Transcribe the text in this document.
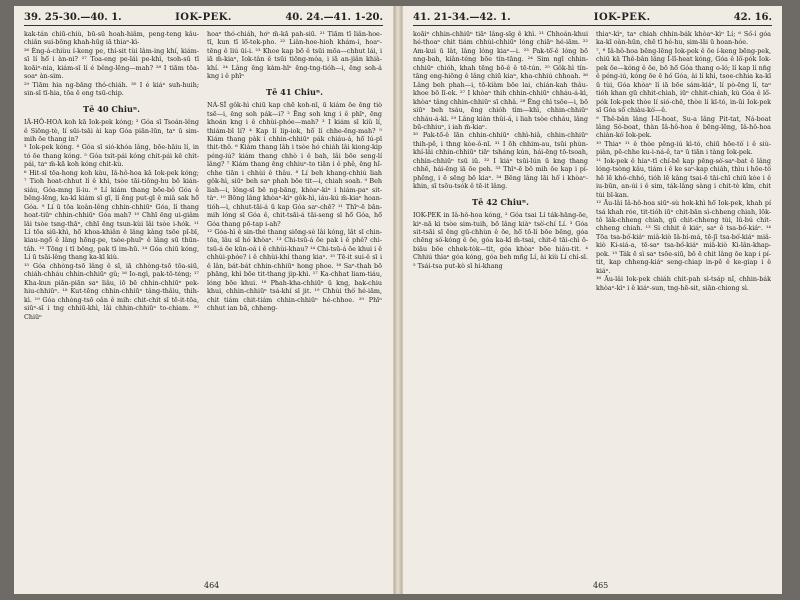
39. 25-30.—40. 1.	IOK-PEK.	40. 24.—41. 1-20.

kak-tán chiū-chiù, bū-sū hoah-hiâm, peng-teng kâu-chiân sui-bōng khah-hūg iā thiaⁿ-kì-

²⁶ Èng-á-chiùu í-keng pe, thí-sit tùi lâm-ing khí, kiám-sī lí hō͘ i àn-ni? ²⁷ Toa-eng pe-lái pe-khì, tsoh-sū tī koāiⁿ-nia, kiám-sī lí é bêng-lēng—mah? ²⁸ I tiām tōa-soaⁿ àn-sim.

²⁹ Tiām hia ng-bāng thó-chiáh. ³⁰ I é kiáⁿ suh-huih; sin-sī tī-hia, tōa ē eng tsū-chip.

Tē 40 Chiuⁿ.

IÂ-HÔ-HOA koh kā Iok-pek kóng; ² Góa sī Tsoán-lêng ê Siōng-tè, lí sūi-tsāi ài kap Góa piān-lūn, taⁿ ū sim-mih ōe thang in?

³ Iok-pek kóng. ⁴ Góa sī sió-khóa lâng, bōe-hāiu lí, in tó ōe thang kóng. ⁵ Góa tsit-pái kóng chit-pái kē chit-pái, taⁿ m̄-kā koh kóng chit-kù.

⁶ Hit-sī tōa-hong koh kàu, Iâ-hô-hoa kā Iok-pek kóng; ⁷ Tioh hoat-chhut lí ê khì, tsòe tāi-tiōng-hu bō kián-siáu, Góa-mng lí-iu. ⁸ Lí kiám thang bōe-bô Góa ê bēng-lēng, ka-kī kiám sī gī, lí ēng put-gī ê miâ sak hō͘ Góa. ⁹ Lí ū tōa koân-lêng chhin-chhiūⁿ Góa, lí thang hoat-tiūⁿ chhin-chhiūⁿ Góa mah? ¹⁰ Chhī ēng ui-giâm lâi tsòe tsng-thāⁿ, chhī ēng tsun-kùi lâi tsòe i-hók. ¹¹ Lí tōa siū-khì, hō͘ khoa-khiân ê lâng kàng tsōe pî-bī, kiau-ngō͘ ê lâng hōng-pe, tsòe-phuīⁿ ê lâng sū thūn-tâh. ¹³ Tōng i tī bōng, pak tī im-hū. ¹⁴ Góa chiū kóng, Lí ū tsāi-lêng thang ka-kī kiù.

¹⁵ Góa chhòng-tsō lâng ê sī, iā chhòng-tsō tōa-siū, chiáh-chháu chhin-chhiūⁿ gû; ¹⁶ Io-ngì, pak-tō-téng; ¹⁷ Kha-kun piān-piān saⁿ liâu, iō bē chhin-chhiūⁿ pek-hiu-chhiūⁿ. ¹⁸ Kut-tēng chhin-chhiūⁿ tâng-thâiu, thih-kì. ¹⁹ Góa chhòng-tsō oân ê mih: chit-chit sī tē-it-tōa, siūⁿ-sī i tng chhiū-khì, lâi chhin-chhiūⁿ to-chiam. ²⁰ Chiūⁿ

hoaⁿ thó-chiáh, ho͘ᵉ m̄-kā pah-siū. ²¹ Tiām tī liân-hoe-tī, kun tī lō͘-tek-pho. ²² Liân-hoe-hioh khám-i, hoaⁿ-tēng ê liú ūi-i. ²³ Khoe kap bō ê tsūi mōa—chhut lái, i iā m̄-kiaⁿ, Iok-tân ê tsūi tiōng-móa, i iā an-jiân khià-khí. ²⁴ Lâng ēng kàm-hīⁿ ēng-tng-tióh—i, ēng soh-á kng i ê phīⁿ

Tē 41 Chiuⁿ.

NÁ-SÎ gôk-hì chiū kap chē koh-nī, ū kiám ōe ēng tiò tsē—i, ēng soh pák—i? ² Ēng soh kng i ê phīⁿ, ēng khoán kng i ê chhùi-phóe—mah? ³ I kiám sī kiû lí, thiám-bī lí? ⁴ Kap lí lip-iok, hō͘ lí chhe-ēng-mah? ⁵ Kiám thang pàk i chhin-chhiūⁿ pák chiáu-á, hō͘ lú-pī thit-thô. ⁶ Kiám thang lâh i tsòe hó chiáh lâi kiong-kip péng-iú? kiám thang chhò i ê bah, lâi bōe seng-lí lâng? ⁷ Kiám thang ēng chhiuⁿ-to tiān i ê phê, ēng hî-chhe tiān i chhùi ê thâu. ⁸ Lí beh khang-chhiú liah gôk-hì, siūⁿ beh saⁿ phah bōe tit—i, chiah soah. ⁹ Beh liah—i, lông-sī bē ng-bāng, khòaⁿ-kìⁿ i hiám-paⁿ sit-tàⁿ. ¹⁰ Bōng lâng khòaⁿ-kìⁿ gôk-hì, iáu-kú m̄-kiaⁿ hoan-tióh—i, chhut-tāi-á ū kap Góa saⁿ-chē? ¹¹ Thīⁿ-ē bān-mih lóng sī Góa ê, chit-tsāi-á tāi-seng sī hō͘ Góa, hō͘ Góa thang pō-tap i-ah?

¹² Góa-hì ê sin-thé thang siōng-sè lâi kóng, lât sī chin-tōa, lâu sī hó khòaⁿ. ¹³ Chi-tsū-á ōe pak i ê phê? chi-tsū-á ōe kūn-oá i ê chhùi-khau? ¹⁴ Chi-tsū-á ōe khui i ê chhùi-phóe? i ê chhùi-khí thang kiaⁿ. ¹⁵ Tē-it sui-ê sī i ê lân, bát-bát chhin-chhiūⁿ hong phoe. ¹⁶ Saⁿ-thah bō phāng, khì bōe tit-thang jip-khì. ¹⁷ Ka-chhat liam-tiáu, lóng bōe khui. ¹⁸ Phah-kha-chhiūⁿ ū kng, bak-chiu khui, chhin-chhiūⁿ tsá-khí sī jit. ¹⁹ Chhùi thò͘ hé-iām, chit tiám chit-tiám chhin-chhiūⁿ hé-chhoe. ²⁰ Phīⁿ chhut ian bā, chheng-

464
41. 21-34.—42. 1.	IOK-PEK.	42. 16.

koāiⁿ chhin-chhiūⁿ tiāⁿ lâng-sīg ê khì. ²¹ Chhoán-khui hé-thoaⁿ chit tiám chhùi-chhiūⁿ lóng chiāⁿ hé-iām. ²² Am-kui ū lât, lâng lóng kiaⁿ—i. ²³ Pak-tō͘-ê lóng bō nng-bah, kiân-téng bōe tín-tāng. ²⁴ Sim ngī chhin-chhiūⁿ chióh, khah tēng bō-ê ê tē-tún. ²⁵ Gôk-hì tín-tāng eng-hiōng ê lâng chiū kiaⁿ, kha-chhiú chhoah. ²⁶ Lâng beh phah—i, tō-kiàm bōe lai, chián-kah thâu-khoe bō lī-ek. ²⁷ I khòaⁿ thih chhin-chhiūⁿ chháu-á-kì, khòaⁿ tâng chhin-chhiūⁿ sī chhâ. ²⁸ Ēng chì tsōe—i, bō siūⁿ beh tsáu, ēng chióh tìm—khì, chhin-chhiūⁿ chháu-á-kì. ²⁹ Lâng kiàn thûi-á, i liah tsòe chháu, lâng bū-chhiuⁿ, i iah m̄-kiaⁿ.

³⁰ Pak-tō͘-ê lān chhin-chhiūⁿ chhì-hiâ, chhin-chhiūⁿ thih-pē, i thng kòe-ô-nī. ³¹ I ōh chhim-au, tsūi phùn-khí-lâi chhin-chhiūⁿ tiāⁿ tsháng kún, hái-ēng tō-tsoah, chhin-chhiūⁿ tsū iū. ³² I kiáⁿ tsūi-lún ū kng thang chhē, hái-ēng iā ōe peh. ³³ Thīⁿ-ē bō mih ōe kap i pí-phēng, i ē sēng bō kiaⁿ. ³⁴ Bēng lâng lāi hō͘ i khòaⁿ-khin, sī tsōu-tsók ê tē-it lâng.

Tē 42 Chiuⁿ.

IOK-PEK in Iâ-hô-hoa kóng, ² Góa tsai Lí ták-hāng-ōe, kiⁿ-nā kì tsòe sim-tuih, bō lâng kiàⁿ tsò͘-chí Lí. ³ Góa sit-tsāi sī ēng gū-chhùn ê ōe, hō͘ tō-lí bōe bēng, góa chēng sò͘-kóng ê ōe, góa ka-kī m̄-tsai, chit-ē tāi-chì ō-biāu bōe chhek-tòk—tit, góa khòaⁿ bōe hiáu-tit. ⁴ Chhiú thiaⁿ góa kóng, góa beh mñg Lí, ài kiù Lí chí-sī. ⁵ Tsái-tsa put-kò sī hi-khang

thiaⁿ-kìⁿ, taⁿ chiah chhin-bák khòaⁿ-kìⁿ Lí; ⁶ Só͘-í góa ka-kī oàn-hūn, chē tī hé-hu, sim-lāi ū hoan-hóe.

⁷, ⁸ Iâ-hô-hoa bēng-lēng Iok-pek ê ōe í-keng bēng-pek, chiū kā Thê-bân lâng Í-lî-heat kóng, Góa ê lô͘-pók Iok-pek ōe—kóng ê ōe, bō hō͘ Góa thang o-ló; lí kap lí nn̄g ê péng-iú, kóng ōe ē hó͘ Góa, ài lí khì, tsoe-chhia ka-kī ū tùi, Góa khòaⁿ lí iā bōe sám-kiáⁿ, lí pò-ēng lí, taⁿ tióh khan gū chhit-chiah, iūⁿ chhit-chiah, kù Góa ê lô͘-pók Iok-pek thòe lí sió-chē, thòe lí kī-tó, in-ūi Iok-pek sī Góa sō͘ chiàu-kò͘—ê.

⁹ Thê-bân lâng Í-lî-hoat, Su-a lâng Pit-tat, Ná-boat lâng Só-boat, thàn Iâ-hô-hoa ê bēng-lēng, Iâ-hô-hoa chiàn-kò͘ Iok-pek.

¹⁰ Thiaⁿ ¹¹ ê thòe pēng-iú kì-tó, chiū hōe-tò͘ i ê siù-piàn, pē-chhe ku-i-ná-ê, taⁿ ū tiān i tàng Iok-pek.

¹¹ Iok-pek ê hiaⁿ-tī chí-bē kap pēng-sò͘-saⁿ-bat ê lâng lóng-tsòng kâu, tiám i ê ke saⁿ-kap chiáh, thìu i hōe-tò͘ hē lē khó-chhó, tióh lē kâng tsai-ē tāi-chī chiū kòe i ê iu-būn, an-úi i ê sim, ták-lâng sàng i chit-tè kîm, chit tùi bī-kan.

¹² Āu-lâi Iâ-hô-hoa siūⁿ-sù hok-khì hō͘ Iok-pek, khah pí tsá khah róe, tit-tióh iūⁿ chit-bān sì-chheng chiah, lōk-tô lák-chheng chiah, gū chit-chheng tùi, lû-bú chit-chheng chiah. ¹³ Si chhit ê kiáⁿ, saⁿ ê tsa-bó͘-kiáⁿ. ¹⁴ Tōa tsa-bó͘-kiáⁿ miâ-kiò Iâ-bí-má, tē-jī tsa-bó͘-kiáⁿ miâ-kiò Ki-siá-a, tē-saⁿ tsa-bó͘-kiáⁿ miâ-kiò Ki-lân-khap-pok. ¹⁵ Ták ē sì saⁿ tsōe-siū, bō ē chit lâng ōe kap i pí-tit, kap chheng-kiáⁿ seng-chiap in-pē ê ke-giap i ê kiáⁿ.

¹⁶ Āu-lâi Iok-pek chiáh chit-pah sì-tsáp nî, chhin-bák khòaⁿ-kìⁿ i ê kiáⁿ-sun, tng-hē-sit, siān-chiong sì.

465
